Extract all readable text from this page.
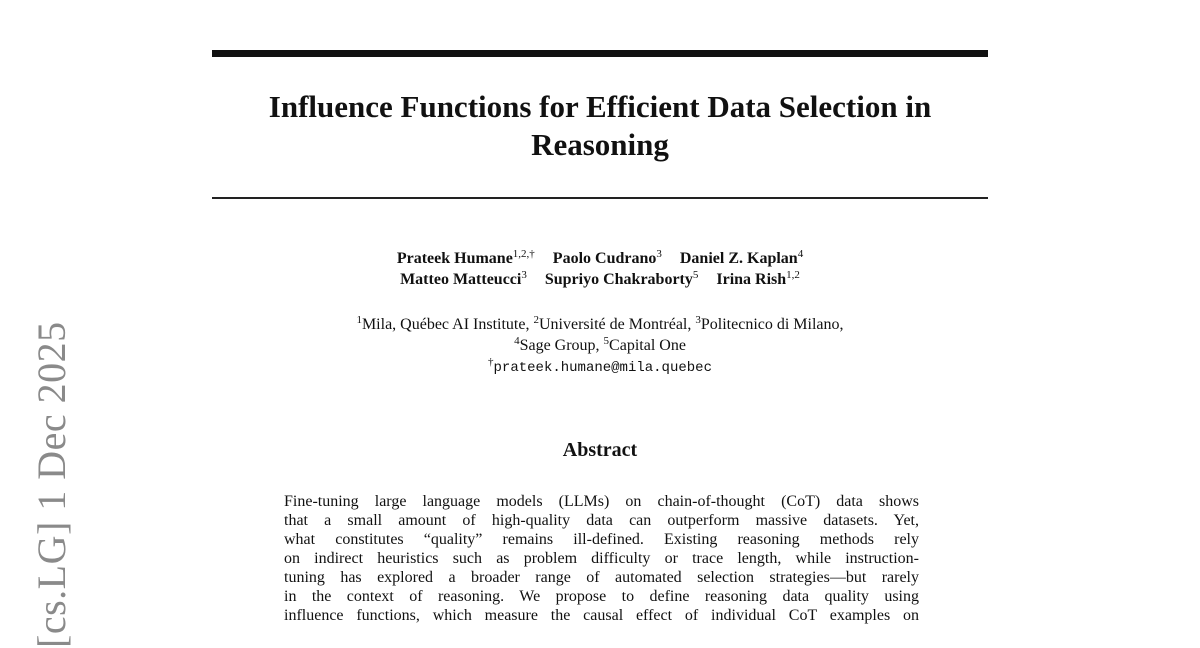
[cs.LG] 1 Dec 2025
Influence Functions for Efficient Data Selection in
Reasoning
Prateek Humane$^{1,2,\dagger}$ Paolo Cudrano$^3$ Daniel Z. Kaplan$^4$
Matteo Matteucci$^3$ Supriyo Chakraborty$^5$ Irina Rish$^{1,2}$
$^1$Mila, Québec AI Institute, $^2$Université de Montréal, $^3$Politecnico di Milano,
$^4$Sage Group, $^5$Capital One
†prateek.humane@mila.quebec
Abstract
Fine-tuning large language models (LLMs) on chain-of-thought (CoT) data shows
that a small amount of high-quality data can outperform massive datasets. Yet,
what constitutes “quality” remains ill-defined. Existing reasoning methods rely
on indirect heuristics such as problem difficulty or trace length, while instruction-
tuning has explored a broader range of automated selection strategies—but rarely
in the context of reasoning. We propose to define reasoning data quality using
influence functions, which measure the causal effect of individual CoT examples on
